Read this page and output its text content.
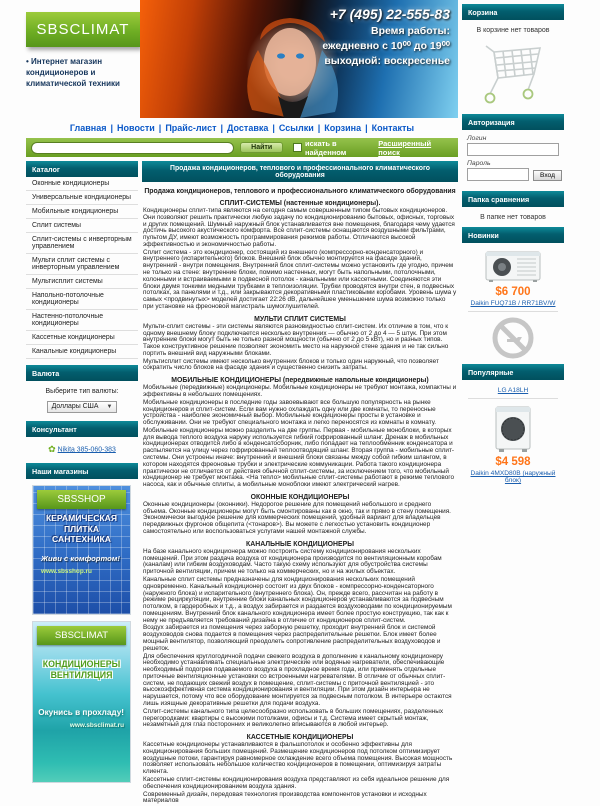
SBSCLIMAT
• Интернет магазин кондиционеров и климатической техники
+7 (495) 22-555-83
Время работы:
ежедневно с 10⁰⁰ до 19⁰⁰
выходной: воскресенье
Главная | Новости | Прайс-лист | Доставка | Ссылки | Корзина | Контакты
Найти	искать в найденном
Расширенный поиск
Каталог
Оконные кондиционеры
Универсальные кондиционеры
Мобильные кондиционеры
Сплит системы
Сплит-системы с инверторным управлением
Мульти сплит системы с инверторным управлением
Мультисплит системы
Напольно-потолочные кондиционеры
Настенно-потолочные кондиционеры
Кассетные кондиционеры
Канальные кондиционеры
Валюта
Выберите тип валюты:
Доллары США ▼
Консультант
✿ Nikita 385-060-383
Наши магазины
SBSSHOP
КЕРАМИЧЕСКАЯ
ПЛИТКА
САНТЕХНИКА
Живи с комфортом!
www.sbsshop.ru
SBSCLIMAT
КОНДИЦИОНЕРЫ
ВЕНТИЛЯЦИЯ
Окунись в прохладу!
www.sbsclimat.ru
Продажа кондиционеров, теплового и профессионального климатического оборудования
Продажа кондиционеров, теплового и профессионального климатического оборудования
СПЛИТ-СИСТЕМЫ (настенные кондиционеры).

Кондиционеры сплит-типа являются на сегодня самым совершенным типом бытовых кондиционеров. Они позволяют решить практически любую задачу по кондиционированию бытовых, офисных, торговых и других помещений. Шумный наружный блок устанавливается вне помещения, благодаря чему удается достичь высокого акустического комфорта. Все сплит-системы оснащаются воздушными фильтрами, пультом ДУ, имеют возможность программирования режимов работы. Отличаются высокой эффективностью и экономичностью работы.

Сплит система - это кондиционер, состоящий из внешнего (компрессорно-конденсаторного) и внутреннего (испарительного) блоков. Внешний блок обычно монтируется на фасаде зданий, внутренний - внутри помещения. Внутренний блок сплит-системы можно установить где угодно, причем не только на стене: внутренние блоки, помимо настенных, могут быть напольными, потолочными, колонными и встраиваемыми в подвесной потолок - канальными или кассетными. Соединяются эти блоки двумя тонкими медными трубками в теплоизоляции. Трубки проводятся внутри стен, в подвесных потолках, за панелями и т.д., или закрываются декоративными пластиковыми коробами. Уровень шума у самых <продвинутых> моделей достигает 22:26 dB, дальнейшее уменьшение шума возможно только при установке на фреоновой магистраль шумоглушителей.

МУЛЬТИ СПЛИТ СИСТЕМЫ

Мульти-сплит системы - эти системы являются разновидностью сплит-систем. Их отличие в том, что к одному внешнему блоку подключается несколько внутренних — обычно от 2 до 4 — 5 штук. При этом внутренние блоки могут быть не только разной мощности (обычно от 2 до 5 кВт), но и разных типов. Такое конструктивное решение позволяет экономить место на наружной стене здания и не так сильно портить внешний вид наружными блоками.

Мультисплит системы имеют несколько внутренних блоков и только один наружный, что позволяет сократить число блоков на фасаде здания и существенно снизить затраты.

МОБИЛЬНЫЕ КОНДИЦИОНЕРЫ (передвижные напольные кондиционеры)

Мобильные (передвижные) кондиционеры. Мобильные кондиционеры не требуют монтажа, компактны и эффективны в небольших помещениях.

Мобильные кондиционеры в последние годы завоевывают все большую популярность на рынке кондиционеров и сплит-систем. Если вам нужно охлаждать одну или две комнаты, то переносные устройства - наиболее экономичный выбор. Мобильные кондиционеры просты в установке и обслуживании. Они не требуют специального монтажа и легко переносятся из комнаты в комнату.

Мобильные кондиционеры можно разделить на две группы. Первая - мобильные моноблоки, в которых для вывода теплого воздуха наружу используется гибкий гофрированный шланг. Дренаж в мобильных кондиционерах отводится либо в конденсатосборник, либо попадает на теплообменник конденсатора и распыляется на улицу через гофрированный теплоотводящий шланг. Вторая группа - мобильные сплит-системы. Они устроены иначе: внутренний и внешний блоки связаны между собой гибким шлангом, в котором находятся фреоновые трубки и электрические коммуникации. Работа такого кондиционера практически не отличается от действия обычной сплит-системы, за исключением того, что мобильный кондиционер не требует монтажа. <На тепло> мобильные сплит-системы работают в режиме теплового насоса, как и обычные сплиты, а мобильные моноблоки имеют электрический нагрев.

ОКОННЫЕ КОНДИЦИОНЕРЫ

Оконные кондиционеры (оконники). Недорогое решение для помещений небольшого и среднего объема. Оконные кондиционеры могут быть смонтированы как в окно, так и прямо в стену помещения. Экономически выгодное решение для коммерческих помещений, удобный вариант для владельцев передвижных фургонов общепита (<тонаров>). Вы можете с легкостью установить кондиционер самостоятельно или воспользоваться услугами нашей монтажной службы.

КАНАЛЬНЫЕ КОНДИЦИОНЕРЫ

На базе канального кондиционера можно построить систему кондиционирования нескольких помещений. При этом раздача воздуха от кондиционера производится по вентиляционным коробам (каналам) или гибким воздуховодам. Часто такую схему используют для обустройства системы приточной вентиляции, причем не только на коммерческих, но и на жилых объектах.

Канальные сплит системы предназначены для кондиционирования нескольких помещений одновременно. Канальный кондиционер состоит из двух блоков - компрессорно-конденсаторного (наружного блока) и испарительного (внутреннего блока). Он, прежде всего, рассчитан на работу в режиме рециркуляции, внутренние блоки канальных кондиционеров устанавливаются за подвесным потолком, в гардеробных и т.д., а воздух забирается и раздается воздуховодами по кондиционируемым помещениям. Внутренний блок канального кондиционера имеет более простую конструкцию, так как к нему не предъявляется требований дизайна в отличие от кондиционеров сплит-систем.

Воздух забирается из помещения через заборную решетку, проходит внутренний блок и системой воздуховодов снова подается в помещения через распределительные решетки. Блок имеет более мощный вентилятор, позволяющий преодолеть сопротивление распределительных воздуховодов и решеток.

Для обеспечения круглогодичной подачи свежего воздуха в дополнение к канальному кондиционеру необходимо устанавливать специальные электрические или водяные нагреватели, обеспечивающие необходимый подогрев подаваемого воздуха в прохладное время года, или применять отдельные приточные вентиляционные установки со встроенными нагревателями. В отличие от обычных сплит-систем, не подающих свежий воздух в помещение, сплит-системы с приточной вентиляцией - это высокоэффективная система кондиционирования и вентиляции. При этом дизайн интерьера не нарушается, потому что все оборудование монтируется за подвесным потолком. В интерьере остаются лишь изящные декоративные решетки для подачи воздуха.

Сплит-системы канального типа целесообразно использовать в больших помещениях, разделенных перегородками: квартиры с высокими потолками, офисы и т.д. Система имеет скрытый монтаж, незаметный для глаз посторонних и великолепно вписываются в любой интерьер.

КАССЕТНЫЕ КОНДИЦИОНЕРЫ

Кассетные кондиционеры устанавливаются в фальшпотолок и особенно эффективны для кондиционирования больших помещений. Размещение кондиционеров под потолком оптимизирует воздушные потоки, гарантируя равномерное охлаждение всего объема помещения. Высокая мощность позволяет использовать небольшое количество кондиционеров в помещении, оптимизируя затраты клиента.

Кассетные сплит-системы кондиционирования воздуха представляют из себя идеальное решение для обеспечения кондиционированием воздуха здания.

Современный дизайн, передовая технология производства компонентов установки и исходных материалов

Корзина
В корзине нет товаров
Авторизация
Логин
Пароль
Вход
Папка сравнения
В папке нет товаров
Новинки
$6 700
Daikin FUQ71B / RR71BV/W
Популярные
LG A18LH
$4 598
Daikin 4MXD80B (наружный блок)
